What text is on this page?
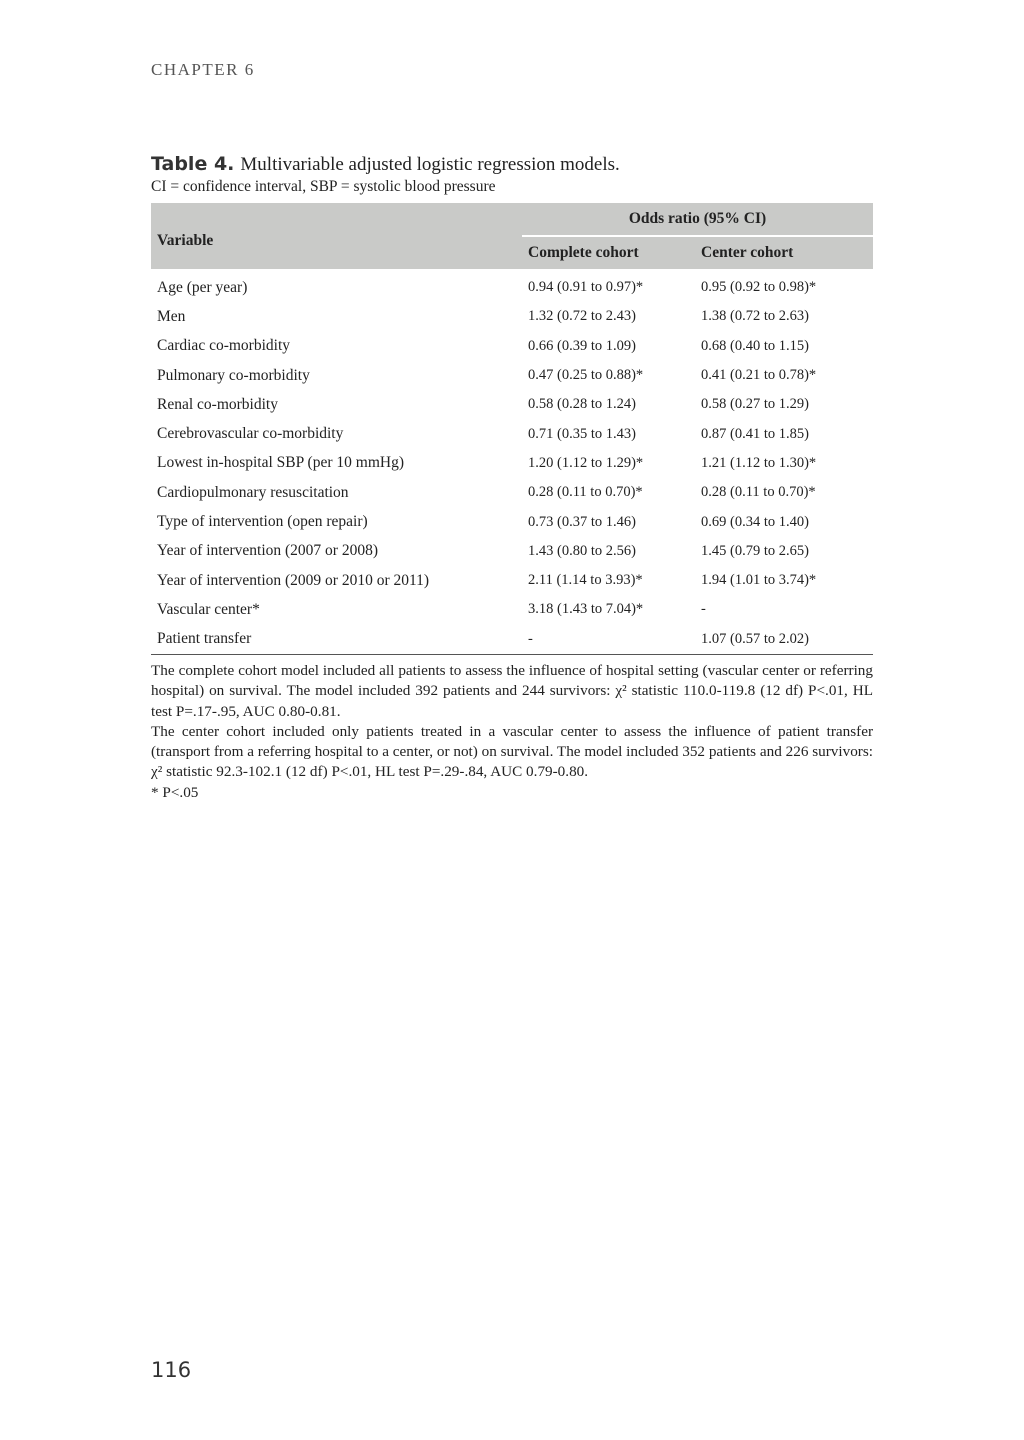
CHAPTER 6
Table 4. Multivariable adjusted logistic regression models.
CI = confidence interval, SBP = systolic blood pressure
Variable	Odds ratio (95% CI)	
	Complete cohort	Center cohort

Age (per year)	0.94 (0.91 to 0.97)*	0.95 (0.92 to 0.98)*
Men	1.32 (0.72 to 2.43)	1.38 (0.72 to 2.63)
Cardiac co-morbidity	0.66 (0.39 to 1.09)	0.68 (0.40 to 1.15)
Pulmonary co-morbidity	0.47 (0.25 to 0.88)*	0.41 (0.21 to 0.78)*
Renal co-morbidity	0.58 (0.28 to 1.24)	0.58 (0.27 to 1.29)
Cerebrovascular co-morbidity	0.71 (0.35 to 1.43)	0.87 (0.41 to 1.85)
Lowest in-hospital SBP (per 10 mmHg)	1.20 (1.12 to 1.29)*	1.21 (1.12 to 1.30)*
Cardiopulmonary resuscitation	0.28 (0.11 to 0.70)*	0.28 (0.11 to 0.70)*
Type of intervention (open repair)	0.73 (0.37 to 1.46)	0.69 (0.34 to 1.40)
Year of intervention (2007 or 2008)	1.43 (0.80 to 2.56)	1.45 (0.79 to 2.65)
Year of intervention (2009 or 2010 or 2011)	2.11 (1.14 to 3.93)*	1.94 (1.01 to 3.74)*
Vascular center*	3.18 (1.43 to 7.04)*	-
Patient transfer	-	1.07 (0.57 to 2.02)

The complete cohort model included all patients to assess the influence of hospital setting (vascular center or referring hospital) on survival. The model included 392 patients and 244 survivors: χ² statistic 110.0-119.8 (12 df) P<.01, HL test P=.17-.95, AUC 0.80-0.81.

The center cohort included only patients treated in a vascular center to assess the influence of patient transfer (transport from a referring hospital to a center, or not) on survival. The model included 352 patients and 226 survivors: χ² statistic 92.3-102.1 (12 df) P<.01, HL test P=.29-.84, AUC 0.79-0.80.

* P<.05

116
